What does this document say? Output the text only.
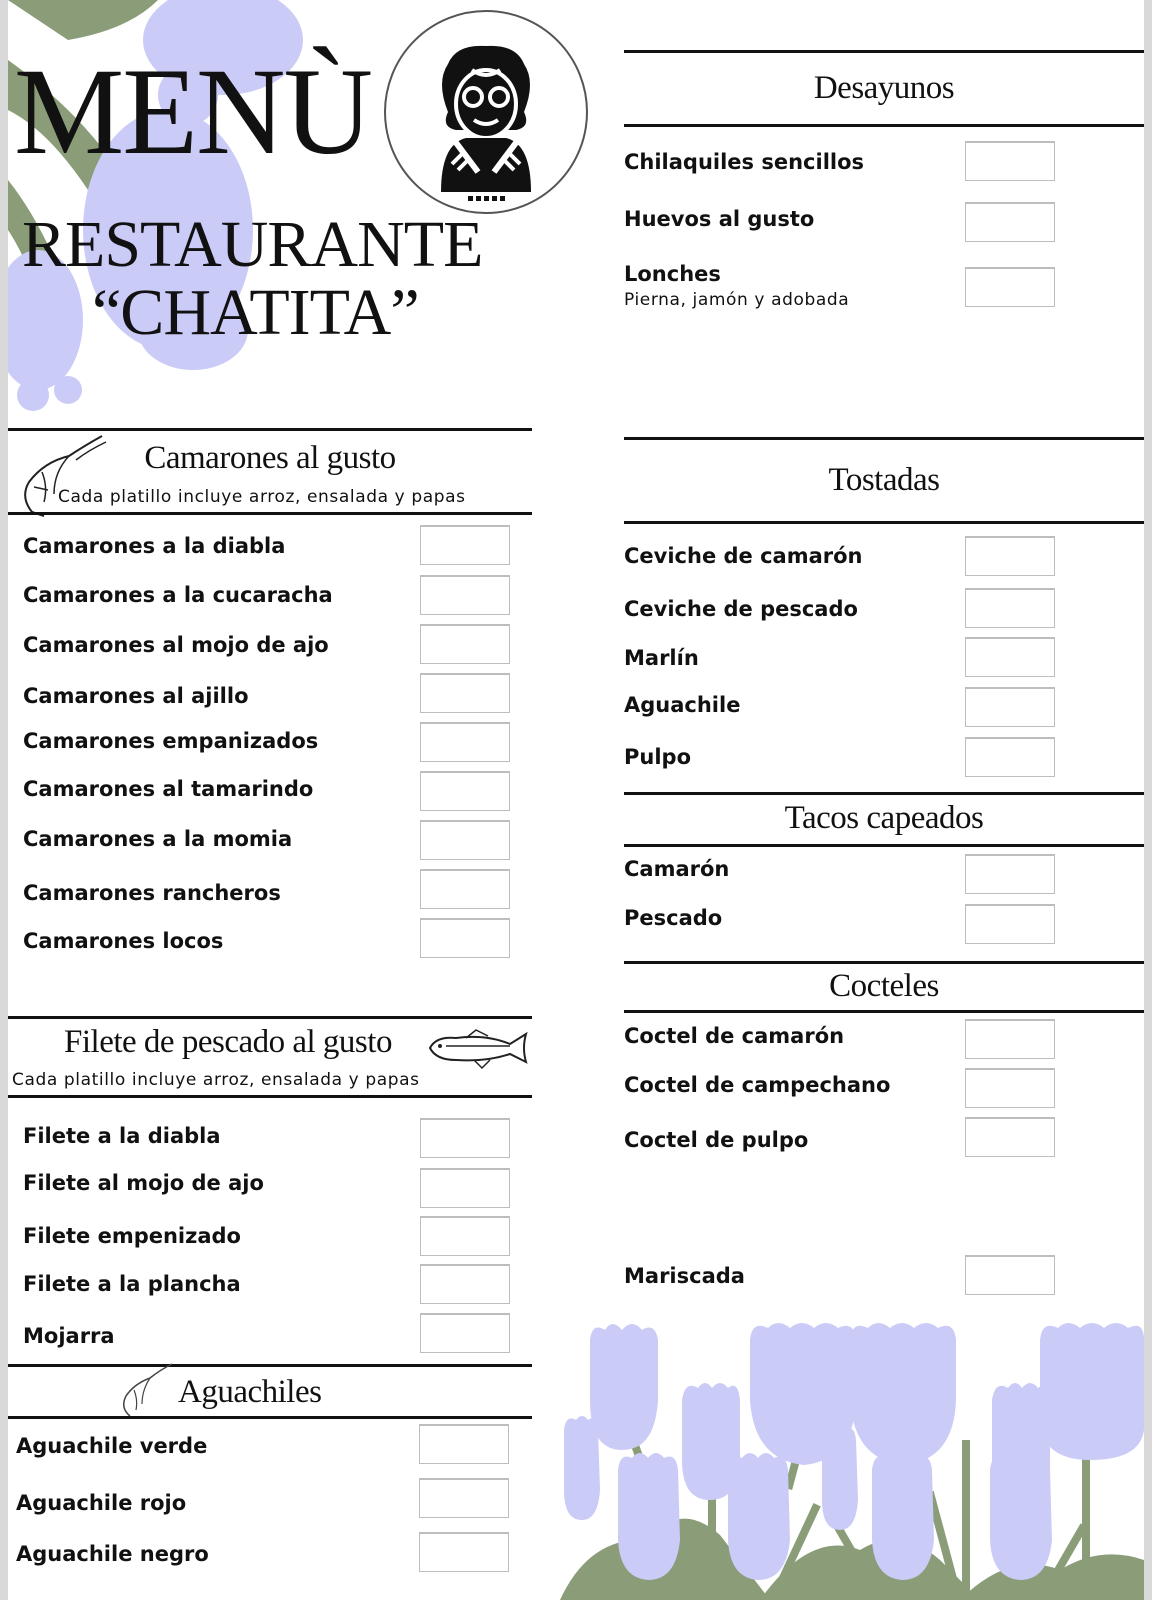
MENÙ
RESTAURANTE
“CHATITA”
Camarones al gusto
Cada platillo incluye arroz, ensalada y papas
Camarones a la diabla
Camarones a la cucaracha
Camarones al mojo de ajo
Camarones al ajillo
Camarones empanizados
Camarones al tamarindo
Camarones a la momia
Camarones rancheros
Camarones locos
Filete de pescado al gusto
Cada platillo incluye arroz, ensalada y papas
Filete a la diabla
Filete al mojo de ajo
Filete empenizado
Filete a la plancha
Mojarra
Aguachiles
Aguachile verde
Aguachile rojo
Aguachile negro
Desayunos
Chilaquiles sencillos
Huevos al gusto
Lonches
Pierna, jamón y adobada
Tostadas
Ceviche de camarón
Ceviche de pescado
Marlín
Aguachile
Pulpo
Tacos capeados
Camarón
Pescado
Cocteles
Coctel de camarón
Coctel de campechano
Coctel de pulpo
Mariscada
